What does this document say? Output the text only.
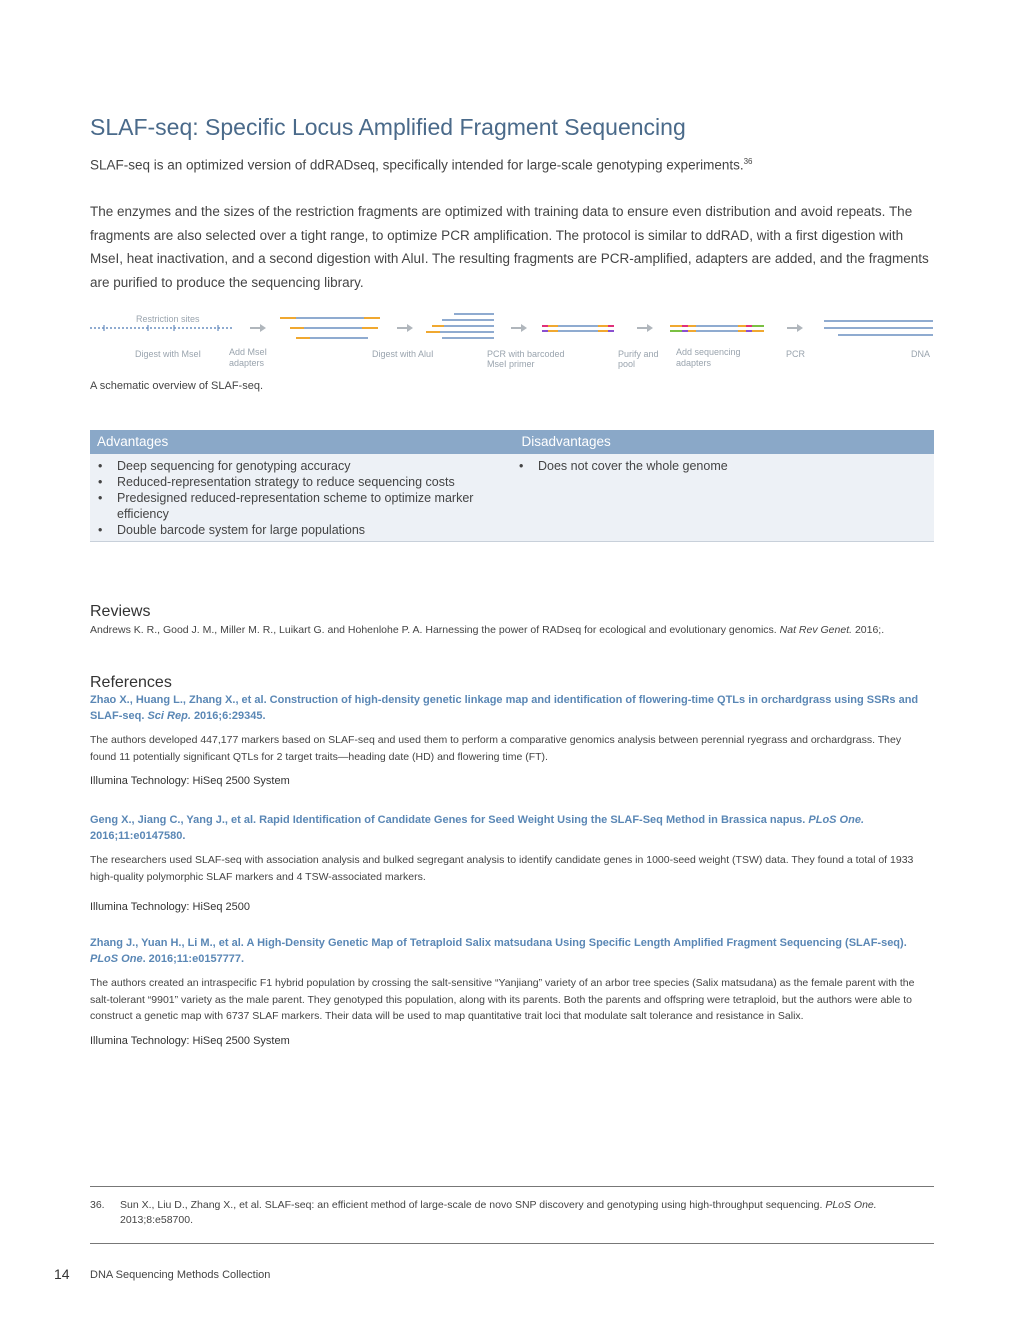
SLAF-seq: Specific Locus Amplified Fragment Sequencing
SLAF-seq is an optimized version of ddRADseq, specifically intended for large-scale genotyping experiments.$^{36}$
The enzymes and the sizes of the restriction fragments are optimized with training data to ensure even distribution and avoid repeats. The fragments are also selected over a tight range, to optimize PCR amplification. The protocol is similar to ddRAD, with a first digestion with MseI, heat inactivation, and a second digestion with AluI. The resulting fragments are PCR-amplified, adapters are added, and the fragments are purified to produce the sequencing library.
Restriction sites
Digest with MseI	Add MseI
adapters
Digest with AluI	PCR with barcoded
MseI primer
Purify and
pool
Add sequencing
adapters
PCR	DNA
A schematic overview of SLAF-seq.
Advantages	Disadvantages
• Deep sequencing for genotyping accuracy
• Reduced-representation strategy to reduce sequencing costs
• Predesigned reduced-representation scheme to optimize marker efficiency
• Double barcode system for large populations
• Does not cover the whole genome
Reviews
Andrews K. R., Good J. M., Miller M. R., Luikart G. and Hohenlohe P. A. Harnessing the power of RADseq for ecological and evolutionary genomics. Nat Rev Genet. 2016;.
References
Zhao X., Huang L., Zhang X., et al. Construction of high-density genetic linkage map and identification of flowering-time QTLs in orchardgrass using SSRs and SLAF-seq. Sci Rep. 2016;6:29345.
The authors developed 447,177 markers based on SLAF-seq and used them to perform a comparative genomics analysis between perennial ryegrass and orchardgrass. They found 11 potentially significant QTLs for 2 target traits—heading date (HD) and flowering time (FT).
Illumina Technology: HiSeq 2500 System
Geng X., Jiang C., Yang J., et al. Rapid Identification of Candidate Genes for Seed Weight Using the SLAF-Seq Method in Brassica napus. PLoS One. 2016;11:e0147580.
The researchers used SLAF-seq with association analysis and bulked segregant analysis to identify candidate genes in 1000-seed weight (TSW) data. They found a total of 1933 high-quality polymorphic SLAF markers and 4 TSW-associated markers.
Illumina Technology: HiSeq 2500
Zhang J., Yuan H., Li M., et al. A High-Density Genetic Map of Tetraploid Salix matsudana Using Specific Length Amplified Fragment Sequencing (SLAF-seq). PLoS One. 2016;11:e0157777.
The authors created an intraspecific F1 hybrid population by crossing the salt-sensitive “Yanjiang” variety of an arbor tree species (Salix matsudana) as the female parent with the salt-tolerant “9901” variety as the male parent. They genotyped this population, along with its parents. Both the parents and offspring were tetraploid, but the authors were able to construct a genetic map with 6737 SLAF markers. Their data will be used to map quantitative trait loci that modulate salt tolerance and resistance in Salix.
Illumina Technology: HiSeq 2500 System
36. Sun X., Liu D., Zhang X., et al. SLAF-seq: an efficient method of large-scale de novo SNP discovery and genotyping using high-throughput sequencing. PLoS One.
2013;8:e58700.
14 DNA Sequencing Methods Collection
